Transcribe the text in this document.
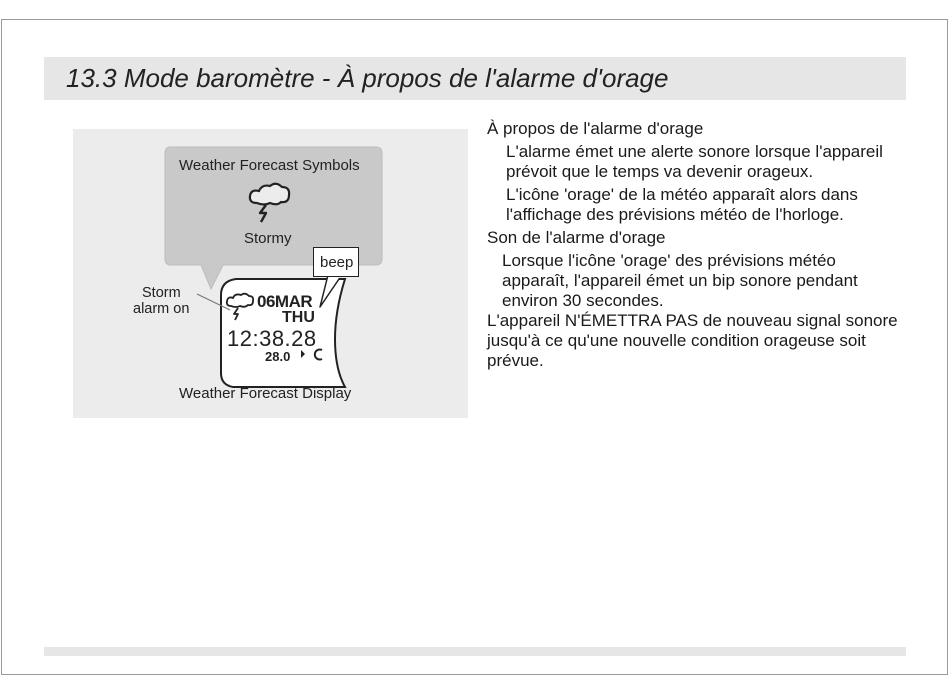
13.3 Mode baromètre - À propos de l'alarme d'orage
Weather Forecast Symbols
Stormy
beep
Storm
alarm on	06MAR
THU
12:38.28
28.0
Weather Forecast Display

À propos de l'alarme d'orage

L'alarme émet une alerte sonore lorsque l'appareil prévoit que le temps va devenir orageux.

L'icône 'orage' de la météo apparaît alors dans l'affichage des prévisions météo de l'horloge.

Son de l'alarme d'orage

Lorsque l'icône 'orage' des prévisions météo apparaît, l'appareil émet un bip sonore pendant environ 30 secondes.

L'appareil N'ÉMETTRA PAS de nouveau signal sonore jusqu'à ce qu'une nouvelle condition orageuse soit prévue.
